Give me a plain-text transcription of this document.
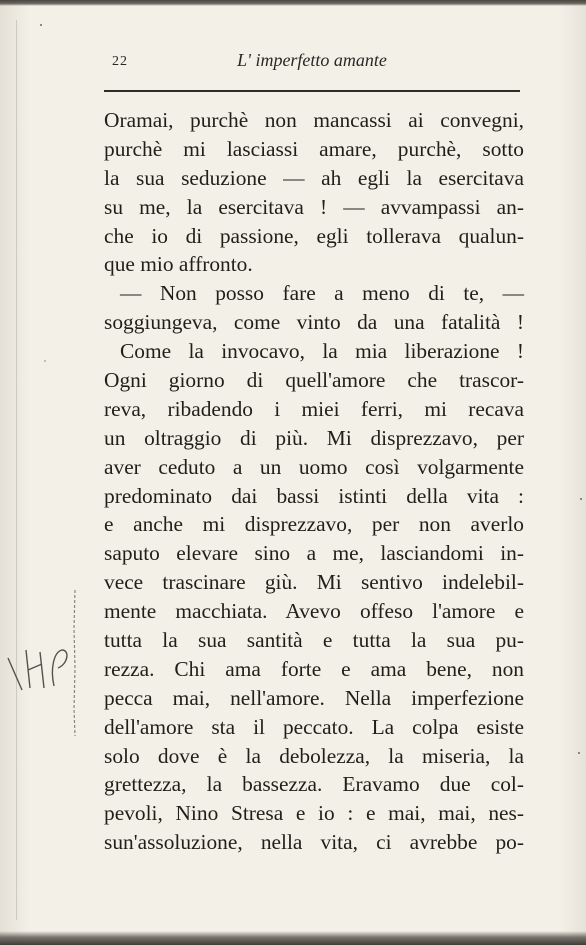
22	L' imperfetto amante
Oramai, purchè non mancassi ai convegni,
purchè mi lasciassi amare, purchè, sotto
la sua seduzione — ah egli la esercitava
su me, la esercitava ! — avvampassi an-
che io di passione, egli tollerava qualun-
que mio affronto.
— Non posso fare a meno di te, —
soggiungeva, come vinto da una fatalità !
Come la invocavo, la mia liberazione !
Ogni giorno di quell'amore che trascor-
reva, ribadendo i miei ferri, mi recava
un oltraggio di più. Mi disprezzavo, per
aver ceduto a un uomo così volgarmente
predominato dai bassi istinti della vita :
e anche mi disprezzavo, per non averlo
saputo elevare sino a me, lasciandomi in-
vece trascinare giù. Mi sentivo indelebil-
mente macchiata. Avevo offeso l'amore e
tutta la sua santità e tutta la sua pu-
rezza. Chi ama forte e ama bene, non
pecca mai, nell'amore. Nella imperfezione
dell'amore sta il peccato. La colpa esiste
solo dove è la debolezza, la miseria, la
grettezza, la bassezza. Eravamo due col-
pevoli, Nino Stresa e io : e mai, mai, nes-
sun'assoluzione, nella vita, ci avrebbe po-
